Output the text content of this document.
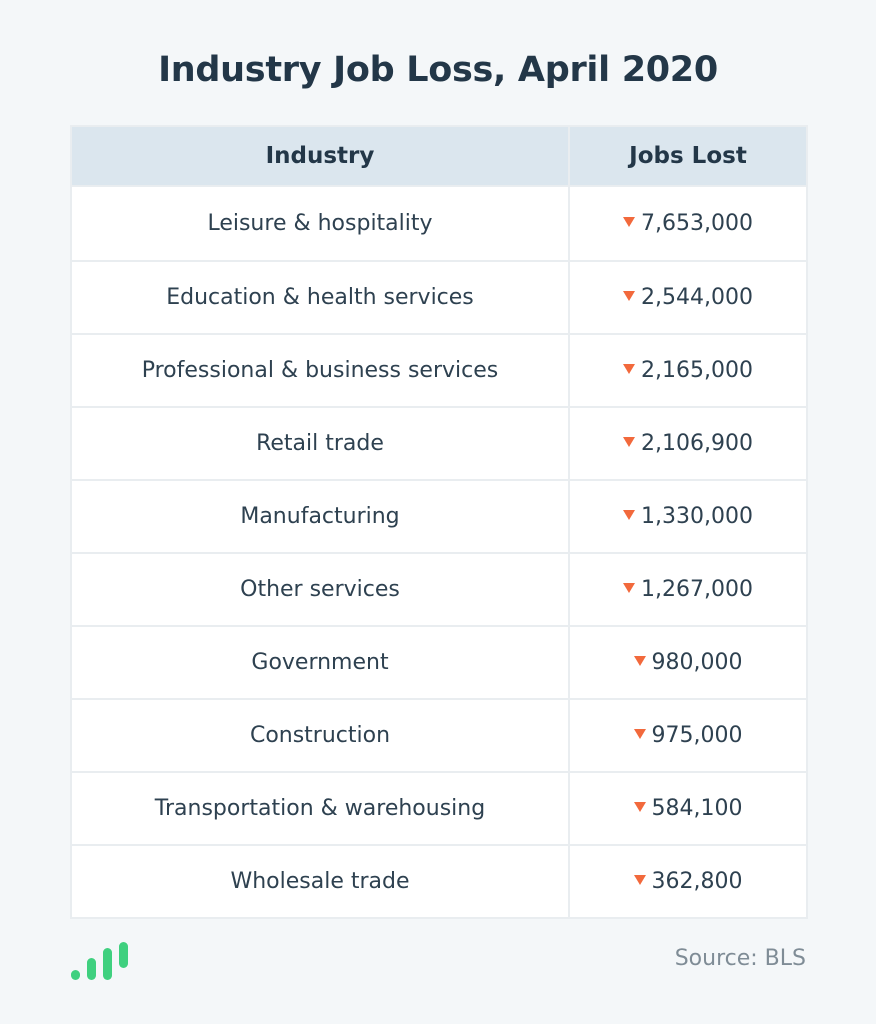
Industry Job Loss, April 2020
Industry	Jobs Lost
Leisure & hospitality	7,653,000
Education & health services	2,544,000
Professional & business services	2,165,000
Retail trade	2,106,900
Manufacturing	1,330,000
Other services	1,267,000
Government	980,000
Construction	975,000
Transportation & warehousing	584,100
Wholesale trade	362,800
Source: BLS
